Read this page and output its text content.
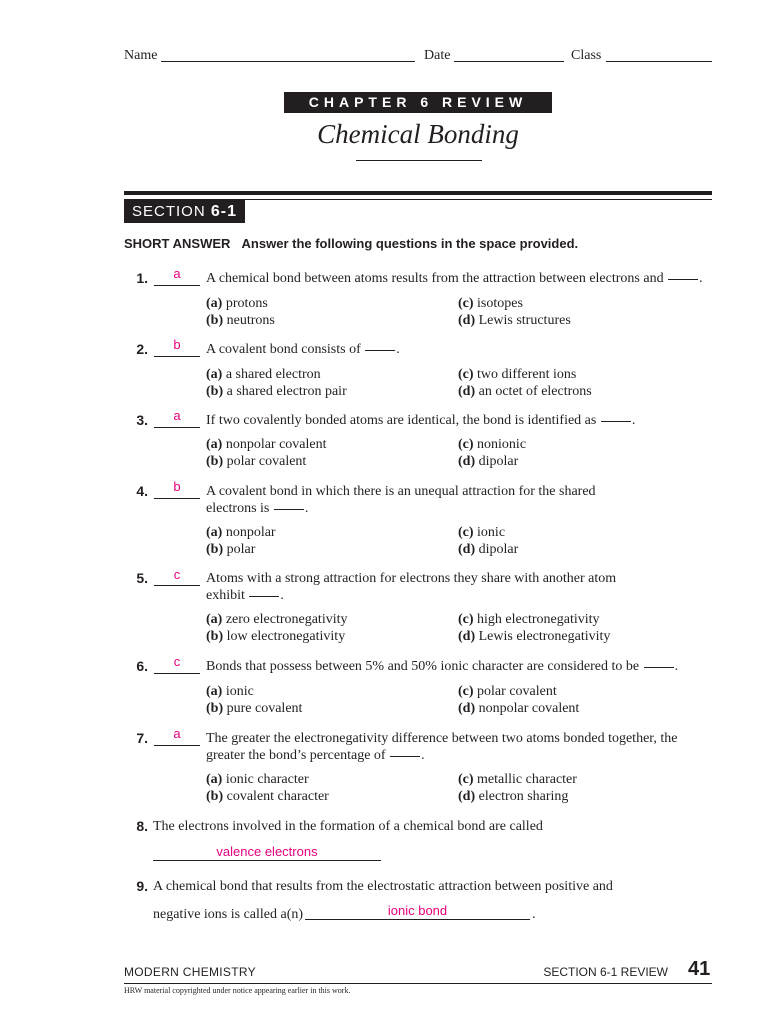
Name	Date	Class
CHAPTER 6 REVIEW
Chemical Bonding
SECTION 6-1
SHORT ANSWER Answer the following questions in the space provided.
1.	a	A chemical bond between atoms results from the attraction between electrons and	.
(a) protons
(b) neutrons
(c) isotopes
(d) Lewis structures
2.	b	A covalent bond consists of	.
(a) a shared electron
(b) a shared electron pair
(c) two different ions
(d) an octet of electrons
3.	a	If two covalently bonded atoms are identical, the bond is identified as	.
(a) nonpolar covalent
(b) polar covalent
(c) nonionic
(d) dipolar
4.	b	A covalent bond in which there is an unequal attraction for the shared
electrons is	.
(a) nonpolar
(b) polar
(c) ionic
(d) dipolar
5.	c	Atoms with a strong attraction for electrons they share with another atom
exhibit	.
(a) zero electronegativity
(b) low electronegativity
(c) high electronegativity
(d) Lewis electronegativity
6.	c	Bonds that possess between 5% and 50% ionic character are considered to be	.
(a) ionic
(b) pure covalent
(c) polar covalent
(d) nonpolar covalent
7.	a	The greater the electronegativity difference between two atoms bonded together, the
greater the bond’s percentage of	.
(a) ionic character
(b) covalent character
(c) metallic character
(d) electron sharing
8. The electrons involved in the formation of a chemical bond are called
valence electrons
9. A chemical bond that results from the electrostatic attraction between positive and
negative ions is called a(n)	ionic bond	.
MODERN CHEMISTRY	SECTION 6-1 REVIEW 41
HRW material copyrighted under notice appearing earlier in this work.
